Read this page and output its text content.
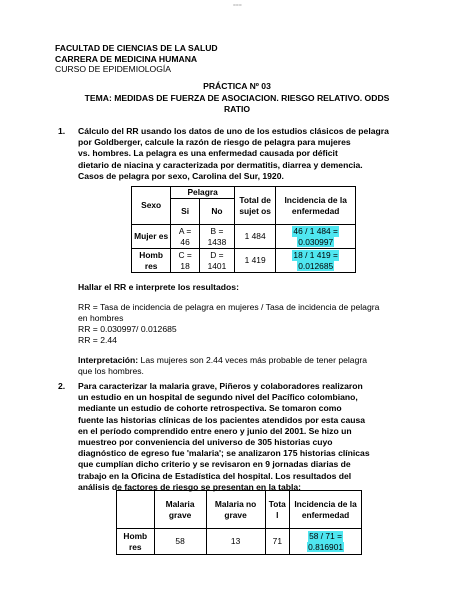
===
FACULTAD DE CIENCIAS DE LA SALUD
CARRERA DE MEDICINA HUMANA
CURSO DE EPIDEMIOLOGÍA
PRÁCTICA Nº 03
TEMA: MEDIDAS DE FUERZA DE ASOCIACION. RIESGO RELATIVO. ODDS
RATIO
1. Cálculo del RR usando los datos de uno de los estudios clásicos de pelagra
por Goldberger, calcule la razón de riesgo de pelagra para mujeres
vs. hombres. La pelagra es una enfermedad causada por déficit
dietario de niacina y caracterizada por dermatitis, diarrea y demencia.
Casos de pelagra por sexo, Carolina del Sur, 1920.
Sexo	Pelagra		Total de sujet os	Incidencia de la enfermedad
	Si	No		
Mujer es	A = 46	B = 1438	1 484	46 / 1 484 =
0.030997
Homb res	C = 18	D = 1401	1 419	18 / 1 419 =
0.012685
Hallar el RR e interprete los resultados:
RR = Tasa de incidencia de pelagra en mujeres / Tasa de incidencia de pelagra
en hombres
RR = 0.030997/ 0.012685
RR = 2.44
Interpretación: Las mujeres son 2.44 veces más probable de tener pelagra
que los hombres.
2. Para caracterizar la malaria grave, Piñeros y colaboradores realizaron
un estudio en un hospital de segundo nivel del Pacífico colombiano,
mediante un estudio de cohorte retrospectiva. Se tomaron como
fuente las historias clínicas de los pacientes atendidos por esta causa
en el período comprendido entre enero y junio del 2001. Se hizo un
muestreo por conveniencia del universo de 305 historias cuyo
diagnóstico de egreso fue 'malaria'; se analizaron 175 historias clínicas
que cumplían dicho criterio y se revisaron en 9 jornadas diarias de
trabajo en la Oficina de Estadística del hospital. Los resultados del
análisis de factores de riesgo se presentan en la tabla:
	Malaria grave	Malaria no grave	Tota l	Incidencia de la enfermedad
Homb res	58	13	71	58 / 71 =
0.816901
